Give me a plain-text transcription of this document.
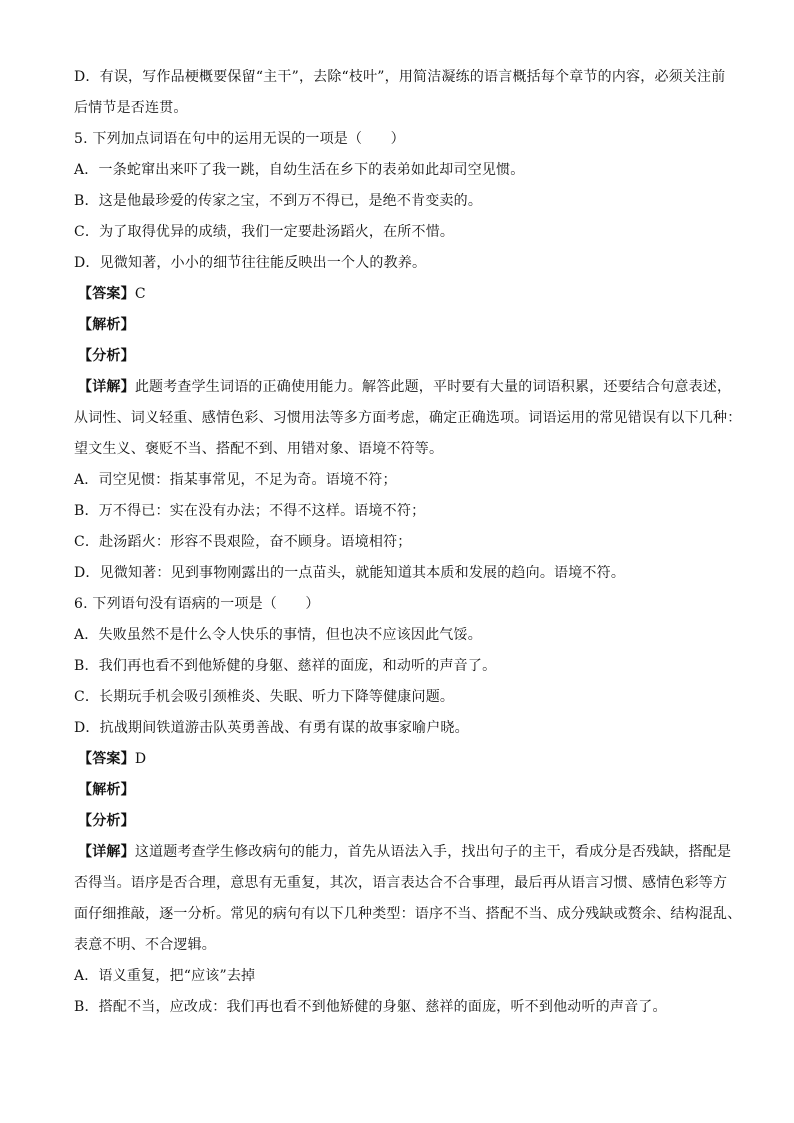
D．有误，写作品梗概要保留“主干”，去除“枝叶”，用简洁凝练的语言概括每个章节的内容，必须关注前
后情节是否连贯。
5. 下列加点词语在句中的运用无误的一项是（　　）
A．一条蛇窜出来吓了我一跳，自幼生活在乡下的表弟如此却司空见惯。
B．这是他最珍爱的传家之宝，不到万不得已，是绝不肯变卖的。
C．为了取得优异的成绩，我们一定要赴汤蹈火，在所不惜。
D．见微知著，小小的细节往往能反映出一个人的教养。
【答案】C
【解析】
【分析】
【详解】此题考查学生词语的正确使用能力。解答此题，平时要有大量的词语积累，还要结合句意表述，
从词性、词义轻重、感情色彩、习惯用法等多方面考虑，确定正确选项。词语运用的常见错误有以下几种：
望文生义、褒贬不当、搭配不到、用错对象、语境不符等。
A．司空见惯：指某事常见，不足为奇。语境不符；
B．万不得已：实在没有办法；不得不这样。语境不符；
C．赴汤蹈火：形容不畏艰险，奋不顾身。语境相符；
D．见微知著：见到事物刚露出的一点苗头，就能知道其本质和发展的趋向。语境不符。
6. 下列语句没有语病的一项是（　　）
A．失败虽然不是什么令人快乐的事情，但也决不应该因此气馁。
B．我们再也看不到他矫健的身躯、慈祥的面庞，和动听的声音了。
C．长期玩手机会吸引颈椎炎、失眠、听力下降等健康问题。
D．抗战期间铁道游击队英勇善战、有勇有谋的故事家喻户晓。
【答案】D
【解析】
【分析】
【详解】这道题考查学生修改病句的能力，首先从语法入手，找出句子的主干，看成分是否残缺，搭配是
否得当。语序是否合理，意思有无重复，其次，语言表达合不合事理，最后再从语言习惯、感情色彩等方
面仔细推敲，逐一分析。常见的病句有以下几种类型：语序不当、搭配不当、成分残缺或赘余、结构混乱、
表意不明、不合逻辑。
A．语义重复，把“应该”去掉
B．搭配不当，应改成：我们再也看不到他矫健的身躯、慈祥的面庞，听不到他动听的声音了。
